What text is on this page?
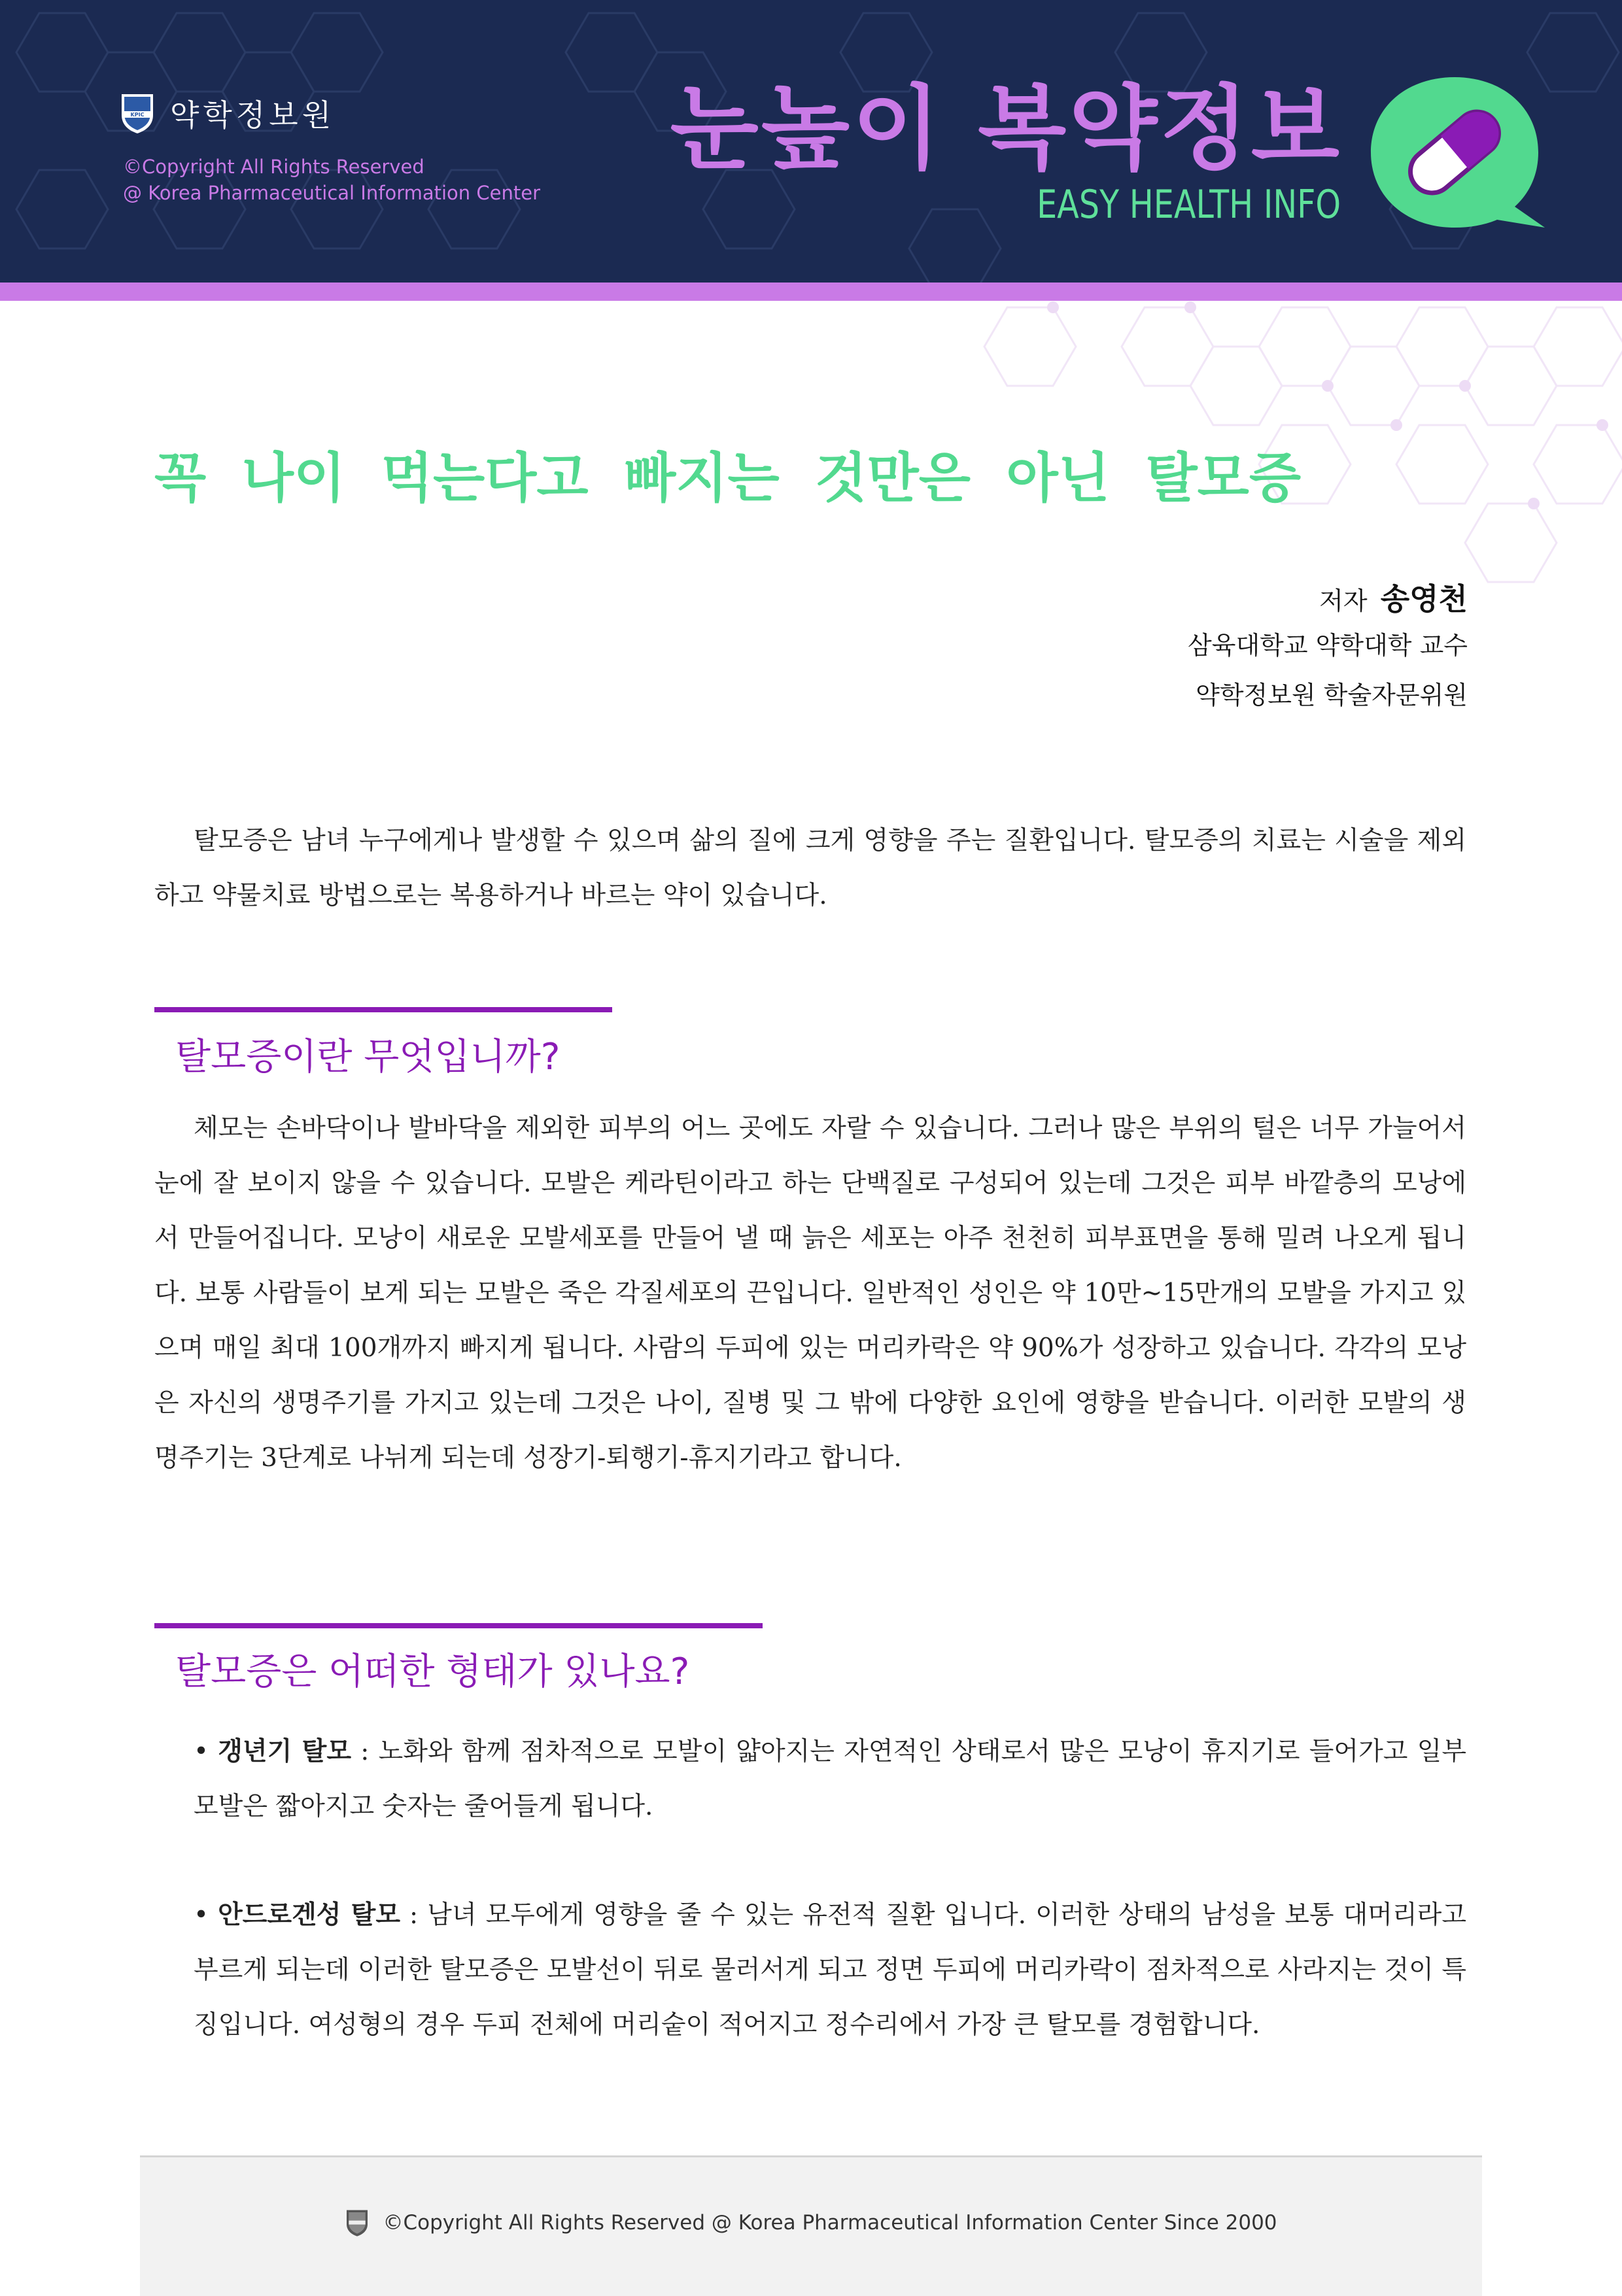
KPIC 약학정보원
©Copyright All Rights Reserved
@ Korea Pharmaceutical Information Center
눈높이 복약정보
EASY HEALTH INFO
꼭 나이 먹는다고 빠지는 것만은 아닌 탈모증
저자 송영천
삼육대학교 약학대학 교수
약학정보원 학술자문위원
탈모증은 남녀 누구에게나 발생할 수 있으며 삶의 질에 크게 영향을 주는 질환입니다. 탈모증의 치료는 시술을 제외하고 약물치료 방법으로는 복용하거나 바르는 약이 있습니다.
탈모증이란 무엇입니까?
체모는 손바닥이나 발바닥을 제외한 피부의 어느 곳에도 자랄 수 있습니다. 그러나 많은 부위의 털은 너무 가늘어서 눈에 잘 보이지 않을 수 있습니다. 모발은 케라틴이라고 하는 단백질로 구성되어 있는데 그것은 피부 바깥층의 모낭에서 만들어집니다. 모낭이 새로운 모발세포를 만들어 낼 때 늙은 세포는 아주 천천히 피부표면을 통해 밀려 나오게 됩니다. 보통 사람들이 보게 되는 모발은 죽은 각질세포의 끈입니다. 일반적인 성인은 약 10만~15만개의 모발을 가지고 있으며 매일 최대 100개까지 빠지게 됩니다. 사람의 두피에 있는 머리카락은 약 90%가 성장하고 있습니다. 각각의 모낭은 자신의 생명주기를 가지고 있는데 그것은 나이, 질병 및 그 밖에 다양한 요인에 영향을 받습니다. 이러한 모발의 생명주기는 3단계로 나뉘게 되는데 성장기-퇴행기-휴지기라고 합니다.
탈모증은 어떠한 형태가 있나요?
• 갱년기 탈모 : 노화와 함께 점차적으로 모발이 얇아지는 자연적인 상태로서 많은 모낭이 휴지기로 들어가고 일부 모발은 짧아지고 숫자는 줄어들게 됩니다.
• 안드로겐성 탈모 : 남녀 모두에게 영향을 줄 수 있는 유전적 질환 입니다. 이러한 상태의 남성을 보통 대머리라고 부르게 되는데 이러한 탈모증은 모발선이 뒤로 물러서게 되고 정면 두피에 머리카락이 점차적으로 사라지는 것이 특징입니다. 여성형의 경우 두피 전체에 머리숱이 적어지고 정수리에서 가장 큰 탈모를 경험합니다.
©Copyright All Rights Reserved @ Korea Pharmaceutical Information Center Since 2000
